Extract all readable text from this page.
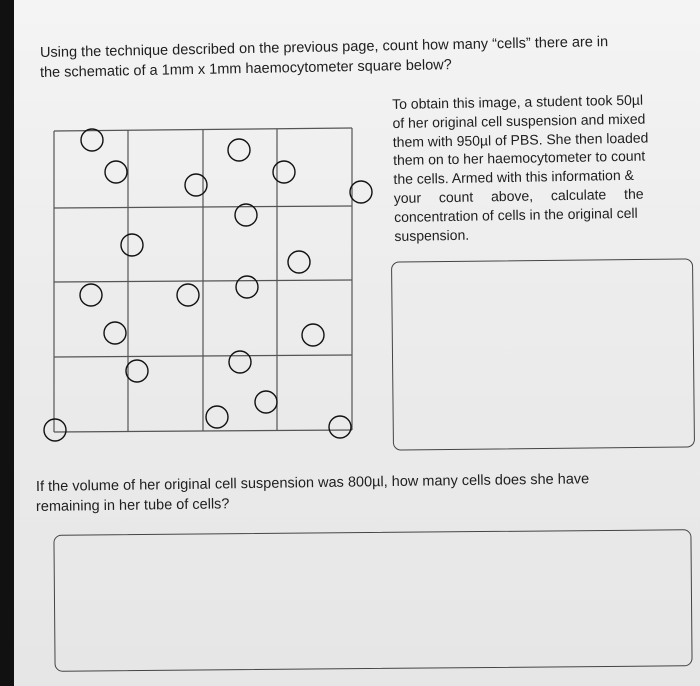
Using the technique described on the previous page, count how many “cells” there are in
the schematic of a 1mm x 1mm haemocytometer square below?
To obtain this image, a student took 50µl
of her original cell suspension and mixed
them with 950µl of PBS. She then loaded
them on to her haemocytometer to count
the cells. Armed with this information &
your count above, calculate the
concentration of cells in the original cell
suspension.
If the volume of her original cell suspension was 800µl, how many cells does she have
remaining in her tube of cells?
